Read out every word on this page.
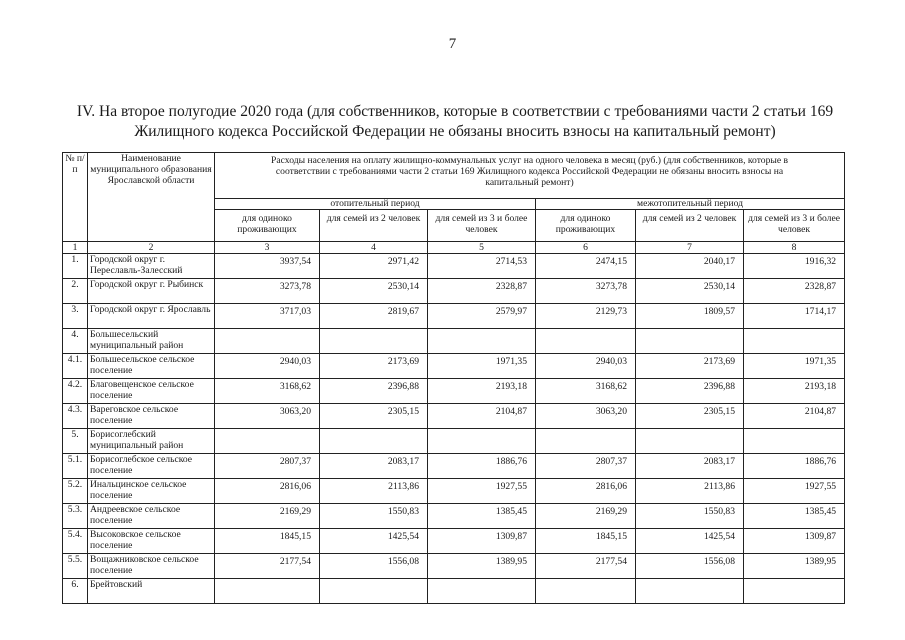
7
IV. На второе полугодие 2020 года (для собственников, которые в соответствии с требованиями части 2 статьи 169
Жилищного кодекса Российской Федерации не обязаны вносить взносы на капитальный ремонт)
№ п/п	Наименование муниципального образования Ярославской области	Расходы населения на оплату жилищно-коммунальных услуг на одного человека в месяц (руб.) (для собственников, которые в соответствии с требованиями части 2 статьи 169 Жилищного кодекса Российской Федерации не обязаны вносить взносы на капитальный ремонт)					
		отопительный период			межотопительный период		
		для одиноко проживающих	для семей из 2 человек	для семей из 3 и более человек	для одиноко проживающих	для семей из 2 человек	для семей из 3 и более человек
1	2	3	4	5	6	7	8
1.	Городской округ г. Переславль-Залесский	3937,54	2971,42	2714,53	2474,15	2040,17	1916,32
2.	Городской округ г. Рыбинск	3273,78	2530,14	2328,87	3273,78	2530,14	2328,87
3.	Городской округ г. Ярославль	3717,03	2819,67	2579,97	2129,73	1809,57	1714,17
4.	Большесельский муниципальный район						
4.1.	Большесельское сельское поселение	2940,03	2173,69	1971,35	2940,03	2173,69	1971,35
4.2.	Благовещенское сельское поселение	3168,62	2396,88	2193,18	3168,62	2396,88	2193,18
4.3.	Вареговское сельское поселение	3063,20	2305,15	2104,87	3063,20	2305,15	2104,87
5.	Борисоглебский муниципальный район						
5.1.	Борисоглебское сельское поселение	2807,37	2083,17	1886,76	2807,37	2083,17	1886,76
5.2.	Инальцинское сельское поселение	2816,06	2113,86	1927,55	2816,06	2113,86	1927,55
5.3.	Андреевское сельское поселение	2169,29	1550,83	1385,45	2169,29	1550,83	1385,45
5.4.	Высоковское сельское поселение	1845,15	1425,54	1309,87	1845,15	1425,54	1309,87
5.5.	Вощажниковское сельское поселение	2177,54	1556,08	1389,95	2177,54	1556,08	1389,95
6.	Брейтовский						
